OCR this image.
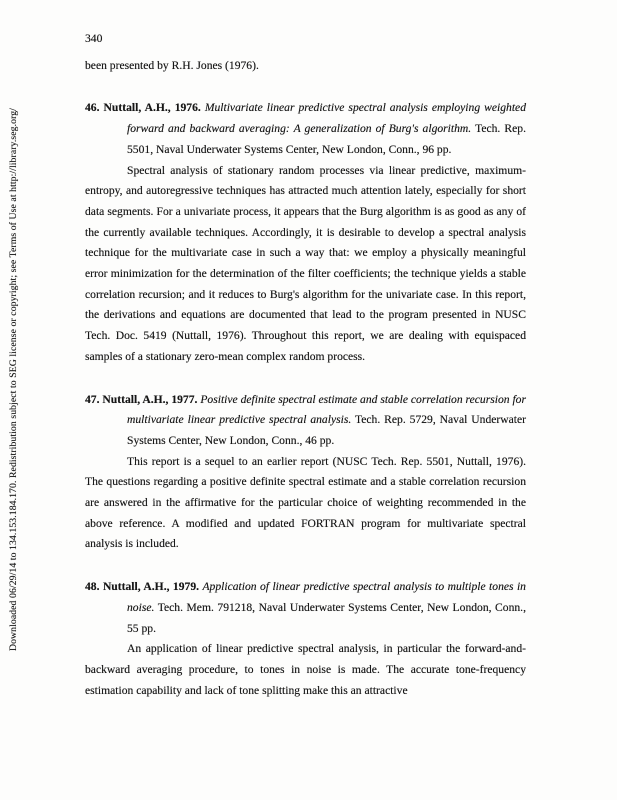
Downloaded 06/29/14 to 134.153.184.170. Redistribution subject to SEG license or copyright; see Terms of Use at http://library.seg.org/

340

been presented by R.H. Jones (1976).

46. Nuttall, A.H., 1976. Multivariate linear predictive spectral analysis employing weighted forward and backward averaging: A generalization of Burg's algorithm. Tech. Rep. 5501, Naval Underwater Systems Center, New London, Conn., 96 pp.

Spectral analysis of stationary random processes via linear predictive, maximum-entropy, and autoregressive techniques has attracted much attention lately, especially for short data segments. For a univariate process, it appears that the Burg algorithm is as good as any of the currently available techniques. Accordingly, it is desirable to develop a spectral analysis technique for the multivariate case in such a way that: we employ a physically meaningful error minimization for the determination of the filter coefficients; the technique yields a stable correlation recursion; and it reduces to Burg's algorithm for the univariate case. In this report, the derivations and equations are documented that lead to the program presented in NUSC Tech. Doc. 5419 (Nuttall, 1976). Throughout this report, we are dealing with equispaced samples of a stationary zero-mean complex random process.

47. Nuttall, A.H., 1977. Positive definite spectral estimate and stable correlation recursion for multivariate linear predictive spectral analysis. Tech. Rep. 5729, Naval Underwater Systems Center, New London, Conn., 46 pp.

This report is a sequel to an earlier report (NUSC Tech. Rep. 5501, Nuttall, 1976). The questions regarding a positive definite spectral estimate and a stable correlation recursion are answered in the affirmative for the particular choice of weighting recommended in the above reference. A modified and updated FORTRAN program for multivariate spectral analysis is included.

48. Nuttall, A.H., 1979. Application of linear predictive spectral analysis to multiple tones in noise. Tech. Mem. 791218, Naval Underwater Systems Center, New London, Conn., 55 pp.

An application of linear predictive spectral analysis, in particular the forward-and-backward averaging procedure, to tones in noise is made. The accurate tone-frequency estimation capability and lack of tone splitting make this an attractive
